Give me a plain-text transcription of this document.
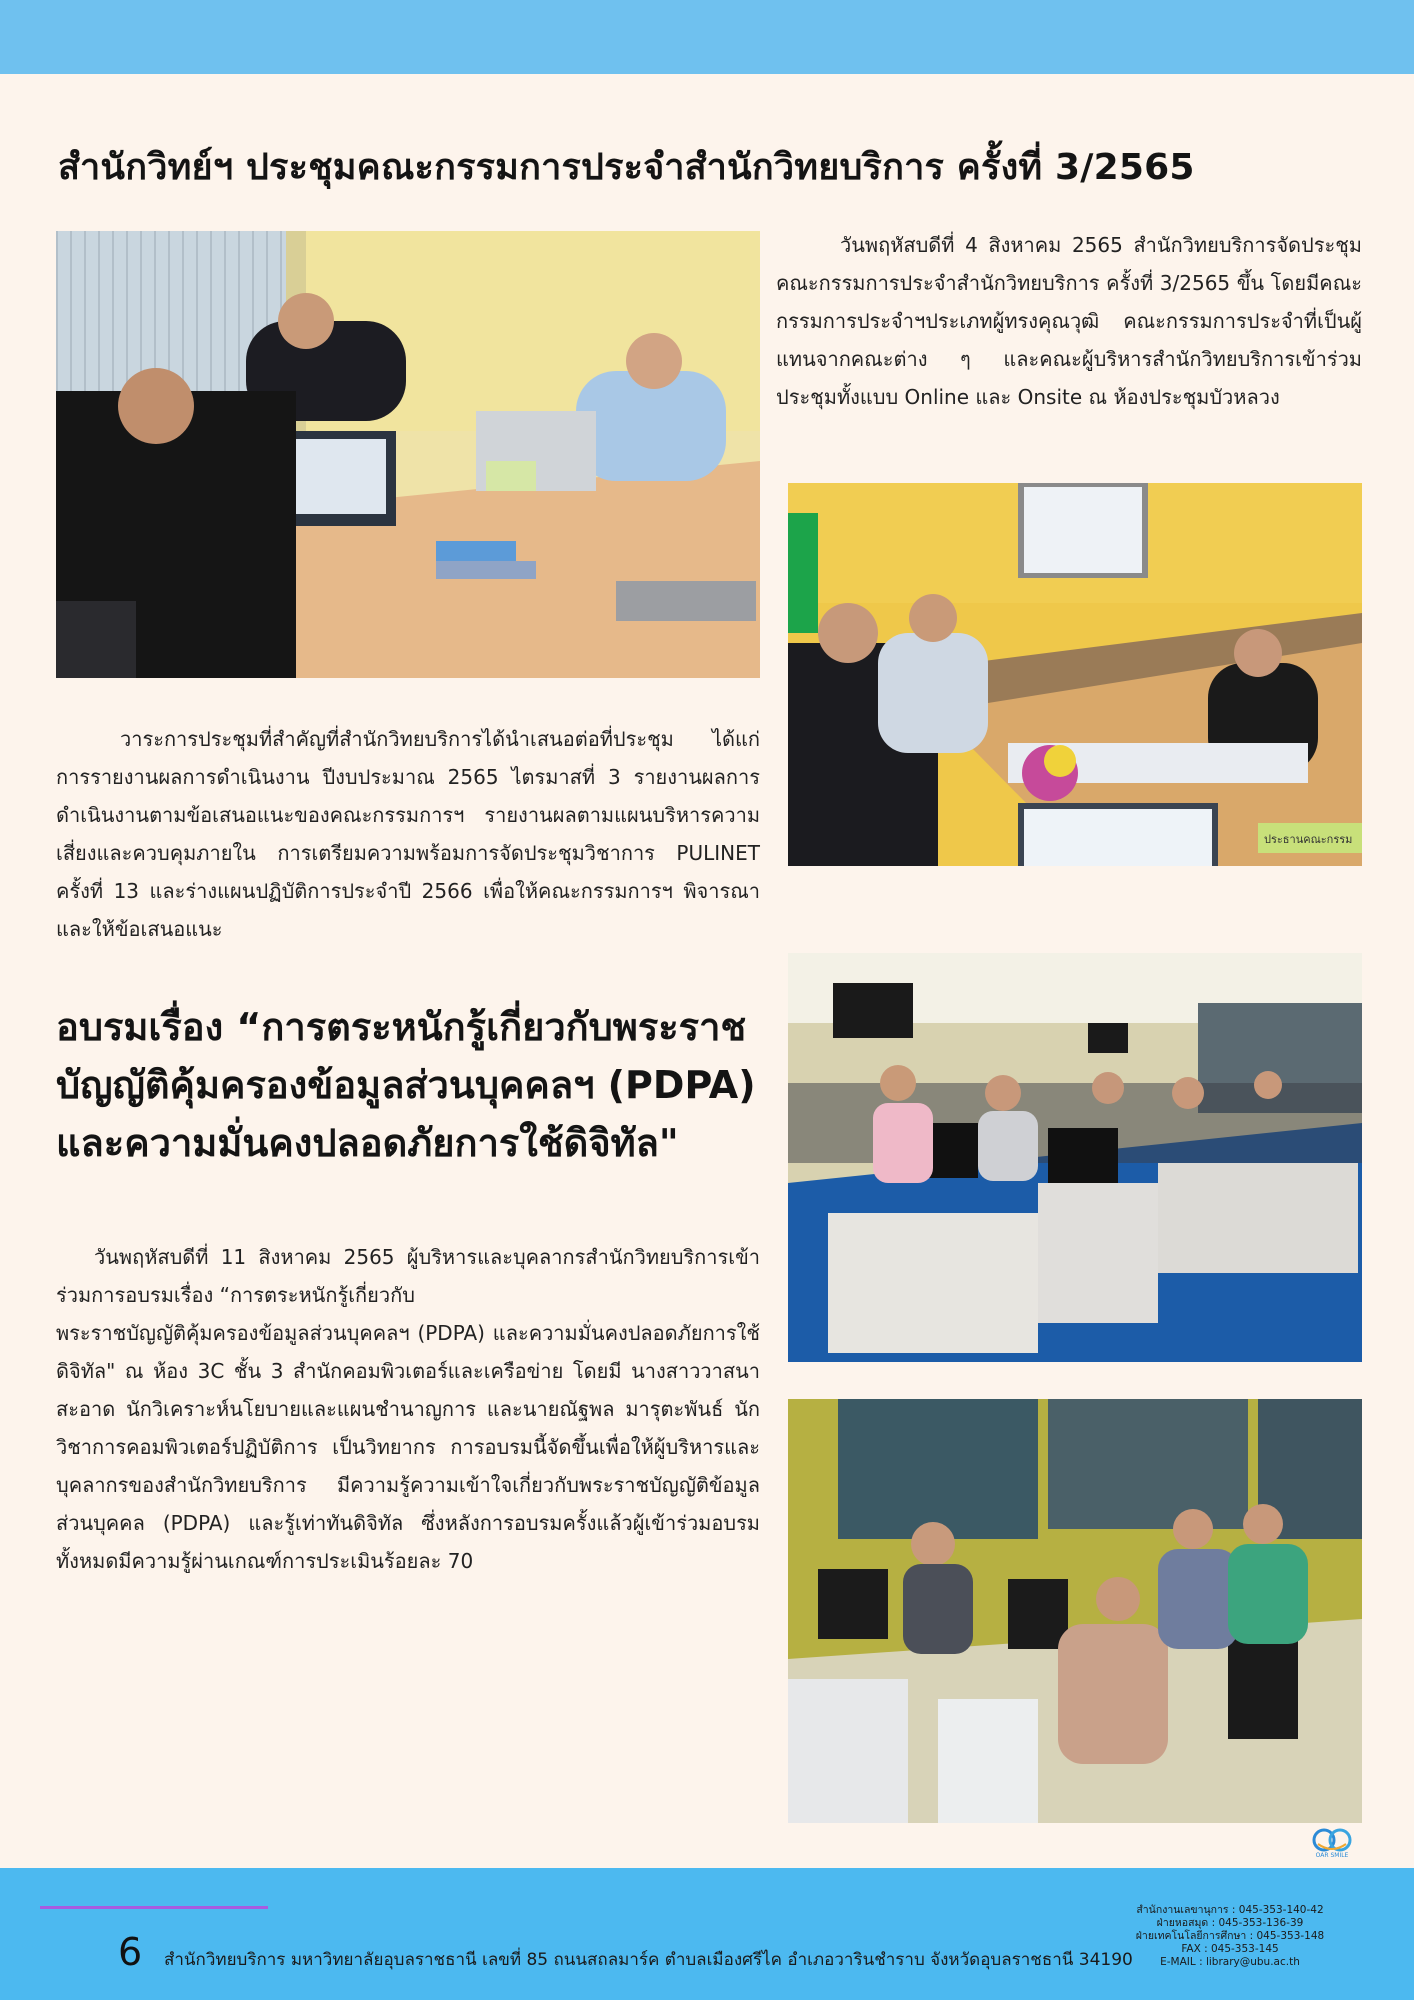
สำนักวิทย์ฯ ประชุมคณะกรรมการประจำสำนักวิทยบริการ ครั้งที่ 3/2565

วันพฤหัสบดีที่ 4 สิงหาคม 2565 สำนักวิทยบริการจัดประชุมคณะกรรมการประจำสำนักวิทยบริการ ครั้งที่ 3/2565 ขึ้น โดยมีคณะกรรมการประจำฯประเภทผู้ทรงคุณวุฒิ คณะกรรมการประจำที่เป็นผู้แทนจากคณะต่าง ๆ และคณะผู้บริหารสำนักวิทยบริการเข้าร่วมประชุมทั้งแบบ Online และ Onsite ณ ห้องประชุมบัวหลวง

ประธานคณะกรรม

วาระการประชุมที่สำคัญที่สำนักวิทยบริการได้นำเสนอต่อที่ประชุม ได้แก่ การรายงานผลการดำเนินงาน ปีงบประมาณ 2565 ไตรมาสที่ 3 รายงานผลการดำเนินงานตามข้อเสนอแนะของคณะกรรมการฯ รายงานผลตามแผนบริหารความเสี่ยงและควบคุมภายใน การเตรียมความพร้อมการจัดประชุมวิชาการ PULINET ครั้งที่ 13 และร่างแผนปฏิบัติการประจำปี 2566 เพื่อให้คณะกรรมการฯ พิจารณาและให้ข้อเสนอแนะ

อบรมเรื่อง “การตระหนักรู้เกี่ยวกับพระราชบัญญัติคุ้มครองข้อมูลส่วนบุคคลฯ (PDPA) และความมั่นคงปลอดภัยการใช้ดิจิทัล"
วันพฤหัสบดีที่ 11 สิงหาคม 2565 ผู้บริหารและบุคลากรสำนักวิทยบริการเข้าร่วมการอบรมเรื่อง “การตระหนักรู้เกี่ยวกับ
พระราชบัญญัติคุ้มครองข้อมูลส่วนบุคคลฯ (PDPA) และความมั่นคงปลอดภัยการใช้ดิจิทัล" ณ ห้อง 3C ชั้น 3 สำนักคอมพิวเตอร์และเครือข่าย โดยมี นางสาววาสนา สะอาด นักวิเคราะห์นโยบายและแผนชำนาญการ และนายณัฐพล มารุตะพันธ์ นักวิชาการคอมพิวเตอร์ปฏิบัติการ เป็นวิทยากร การอบรมนี้จัดขึ้นเพื่อให้ผู้บริหารและบุคลากรของสำนักวิทยบริการ มีความรู้ความเข้าใจเกี่ยวกับพระราชบัญญัติข้อมูลส่วนบุคคล (PDPA) และรู้เท่าทันดิจิทัล ซึ่งหลังการอบรมครั้งแล้วผู้เข้าร่วมอบรมทั้งหมดมีความรู้ผ่านเกณฑ์การประเมินร้อยละ 70
OAR SMILE
6 สำนักวิทยบริการ มหาวิทยาลัยอุบลราชธานี เลขที่ 85 ถนนสถลมาร์ค ตำบลเมืองศรีไค อำเภอวารินชำราบ จังหวัดอุบลราชธานี 34190
สำนักงานเลขานุการ : 045-353-140-42
ฝ่ายหอสมุด : 045-353-136-39
ฝ่ายเทคโนโลยีการศึกษา : 045-353-148
FAX : 045-353-145
E-MAIL : library@ubu.ac.th
